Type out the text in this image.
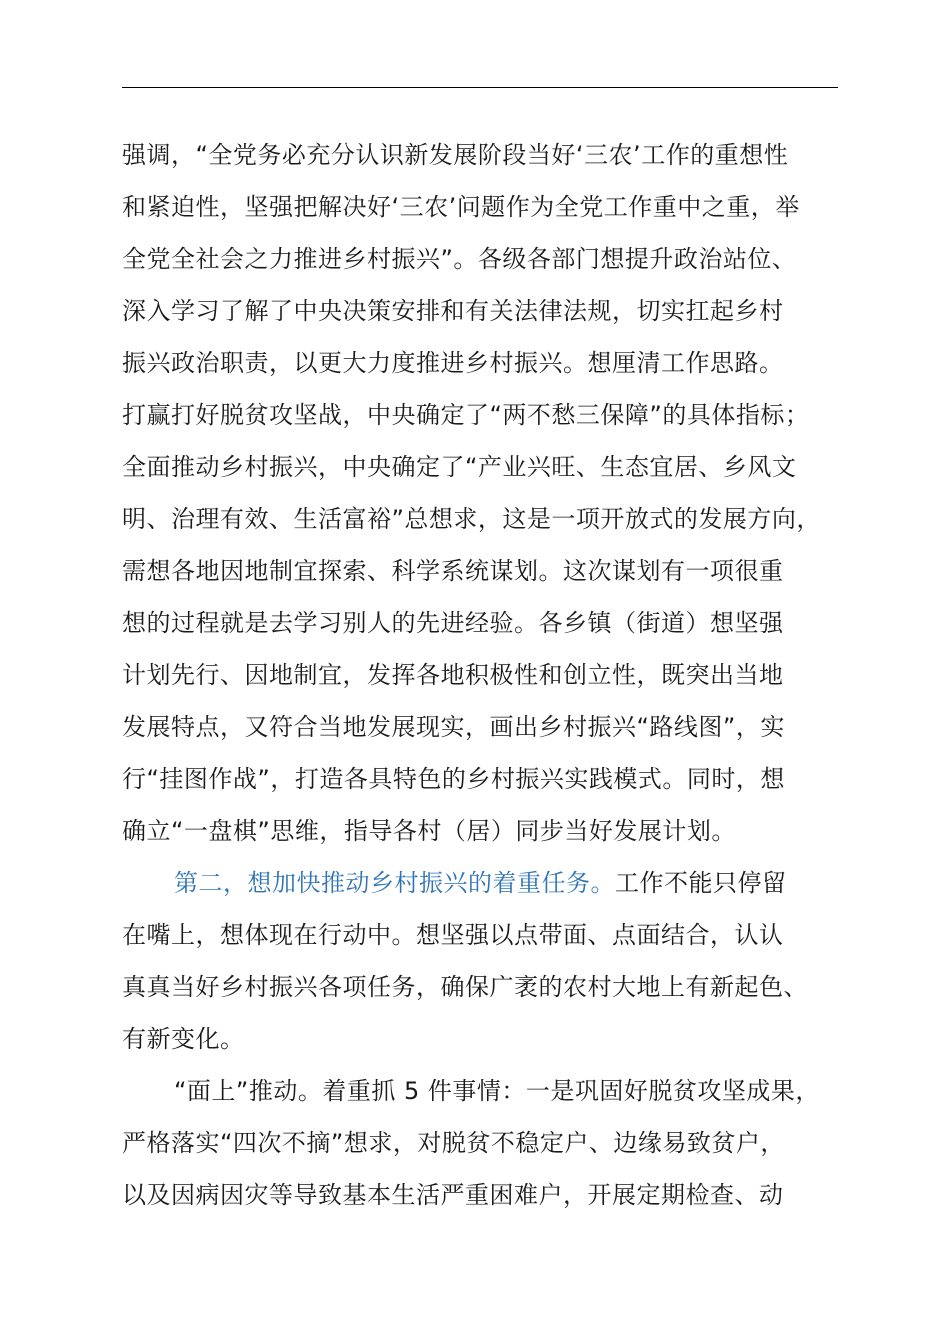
强调，“全党务必充分认识新发展阶段当好‘三农’工作的重想性
和紧迫性，坚强把解决好‘三农’问题作为全党工作重中之重，举
全党全社会之力推进乡村振兴”。各级各部门想提升政治站位、
深入学习了解了中央决策安排和有关法律法规，切实扛起乡村
振兴政治职责，以更大力度推进乡村振兴。想厘清工作思路。
打赢打好脱贫攻坚战，中央确定了“两不愁三保障”的具体指标；
全面推动乡村振兴，中央确定了“产业兴旺、生态宜居、乡风文
明、治理有效、生活富裕”总想求，这是一项开放式的发展方向，
需想各地因地制宜探索、科学系统谋划。这次谋划有一项很重
想的过程就是去学习别人的先进经验。各乡镇（街道）想坚强
计划先行、因地制宜，发挥各地积极性和创立性，既突出当地
发展特点，又符合当地发展现实，画出乡村振兴“路线图”，实
行“挂图作战”，打造各具特色的乡村振兴实践模式。同时，想
确立“一盘棋”思维，指导各村（居）同步当好发展计划。
第二，想加快推动乡村振兴的着重任务。工作不能只停留
在嘴上，想体现在行动中。想坚强以点带面、点面结合，认认
真真当好乡村振兴各项任务，确保广袤的农村大地上有新起色、
有新变化。
“面上”推动。着重抓 5 件事情：一是巩固好脱贫攻坚成果，
严格落实“四次不摘”想求，对脱贫不稳定户、边缘易致贫户，
以及因病因灾等导致基本生活严重困难户，开展定期检查、动
